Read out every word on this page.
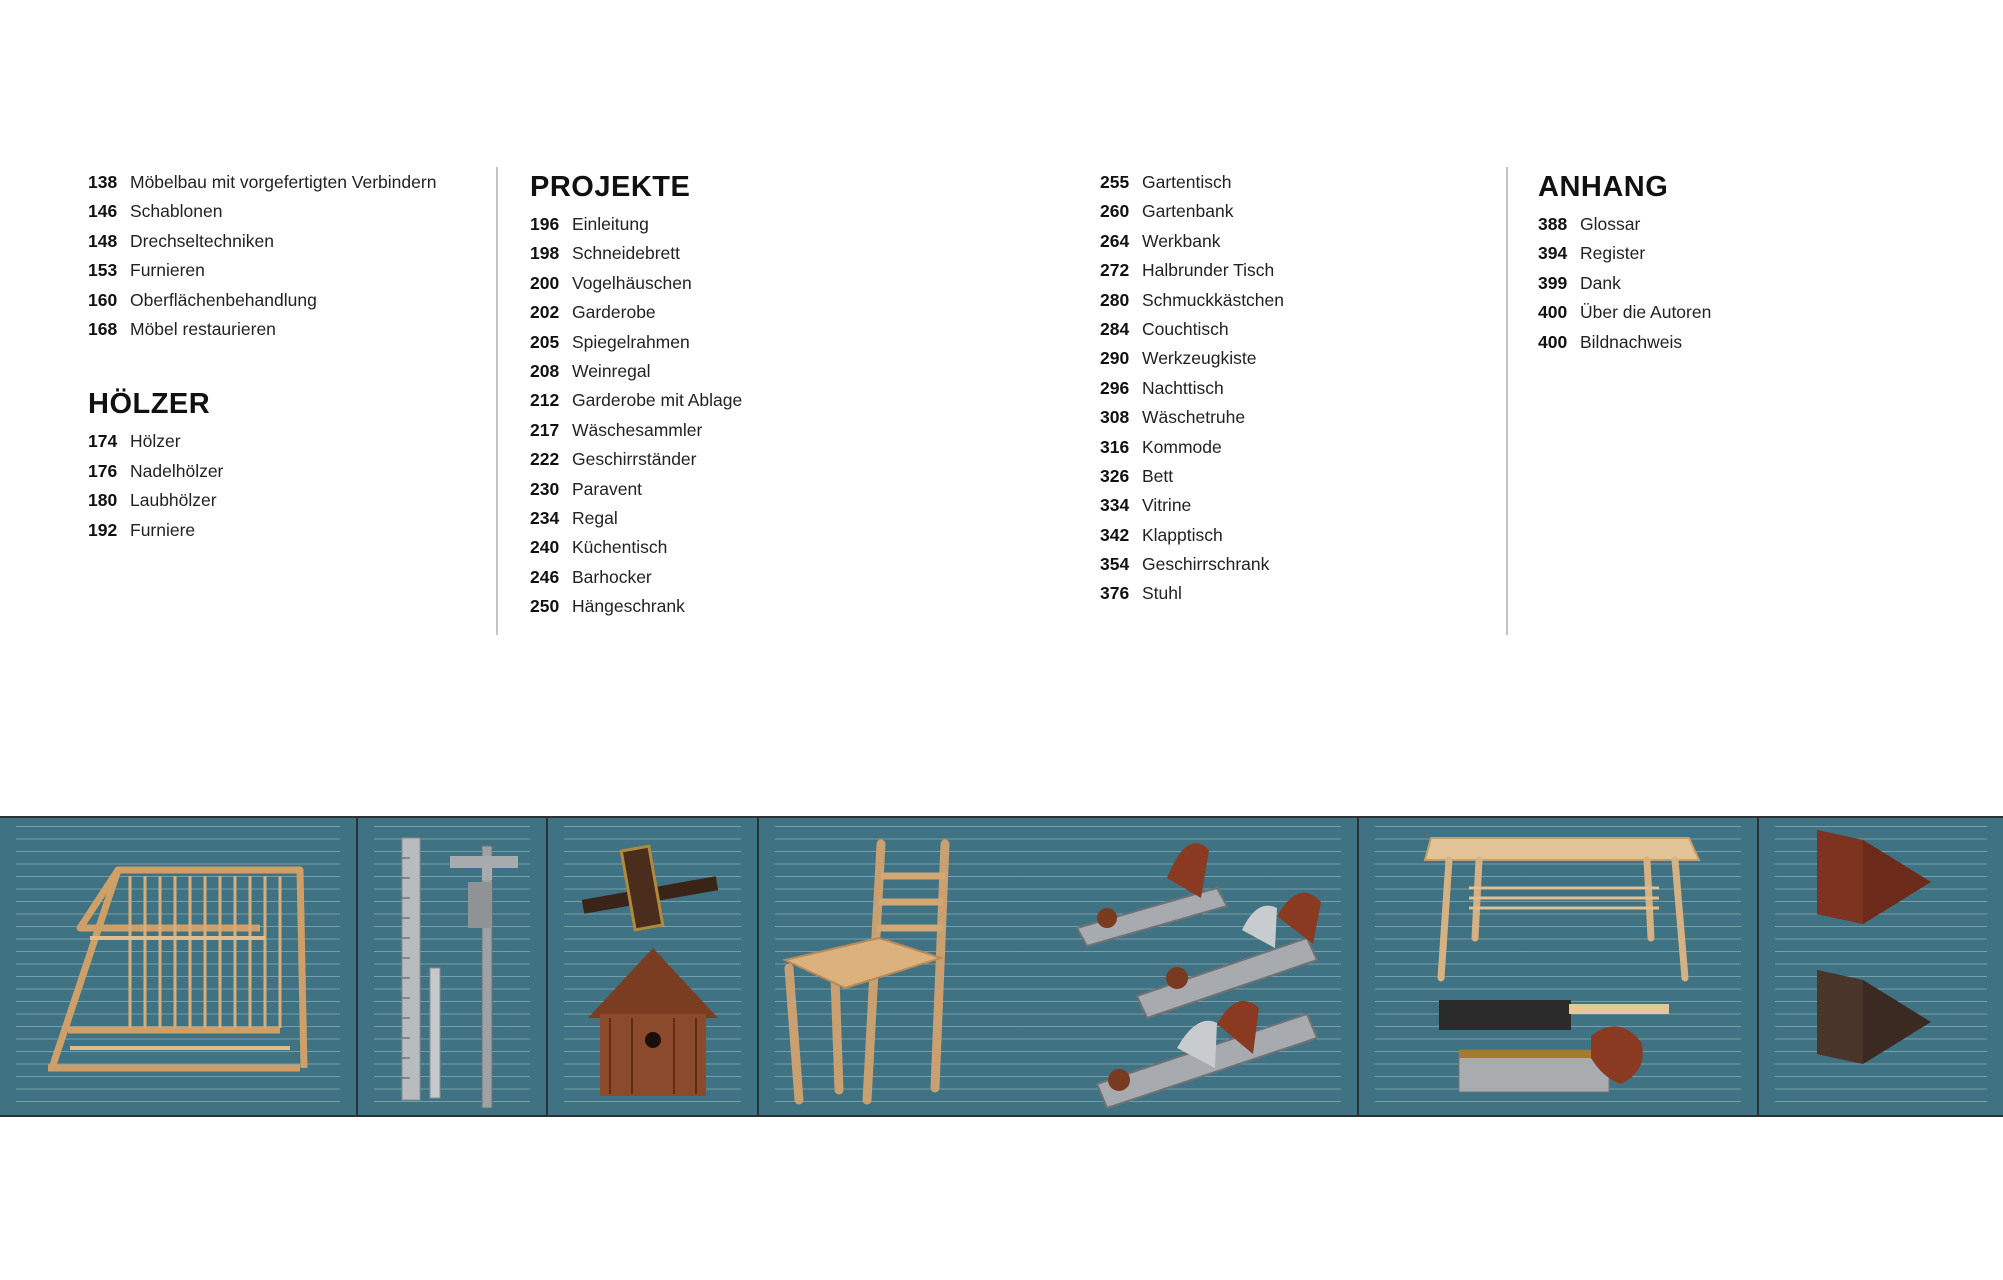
138 Möbelbau mit vorgefertigten Verbindern
146 Schablonen
148 Drechseltechniken
153 Furnieren
160 Oberflächenbehandlung
168 Möbel restaurieren
HÖLZER
174 Hölzer
176 Nadelhölzer
180 Laubhölzer
192 Furniere
PROJEKTE
196 Einleitung
198 Schneidebrett
200 Vogelhäuschen
202 Garderobe
205 Spiegelrahmen
208 Weinregal
212 Garderobe mit Ablage
217 Wäschesammler
222 Geschirrständer
230 Paravent
234 Regal
240 Küchentisch
246 Barhocker
250 Hängeschrank
255 Gartentisch
260 Gartenbank
264 Werkbank
272 Halbrunder Tisch
280 Schmuckkästchen
284 Couchtisch
290 Werkzeugkiste
296 Nachttisch
308 Wäschetruhe
316 Kommode
326 Bett
334 Vitrine
342 Klapptisch
354 Geschirrschrank
376 Stuhl
ANHANG
388 Glossar
394 Register
399 Dank
400 Über die Autoren
400 Bildnachweis
